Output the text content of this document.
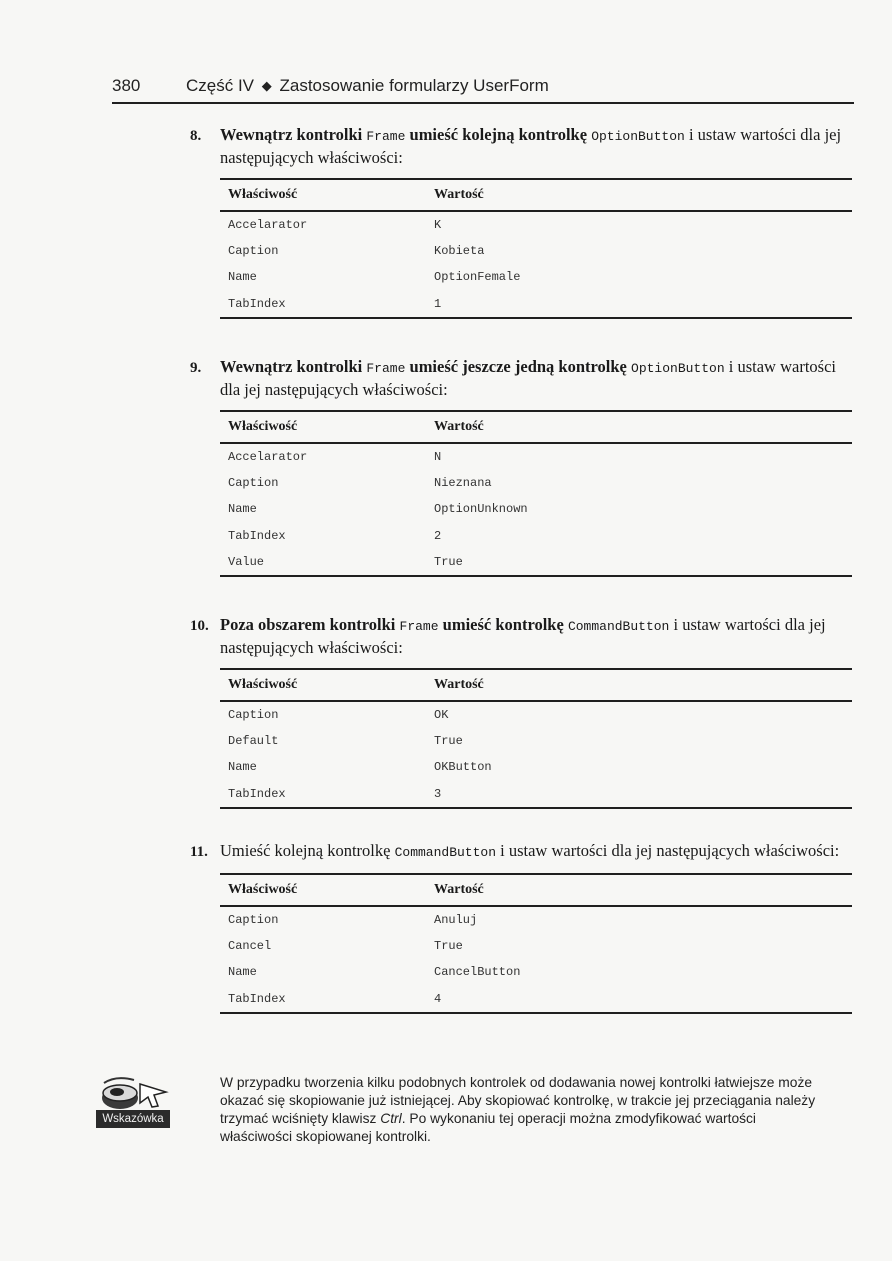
380	Część IV ◆ Zastosowanie formularzy UserForm

8. Wewnątrz kontrolki Frame umieść kolejną kontrolkę OptionButton i ustaw wartości dla jej następujących właściwości:

Właściwość	Wartość
Accelarator	K
Caption	Kobieta
Name	OptionFemale
TabIndex	1

9. Wewnątrz kontrolki Frame umieść jeszcze jedną kontrolkę OptionButton i ustaw wartości dla jej następujących właściwości:

Właściwość	Wartość
Accelarator	N
Caption	Nieznana
Name	OptionUnknown
TabIndex	2
Value	True

10. Poza obszarem kontrolki Frame umieść kontrolkę CommandButton i ustaw wartości dla jej następujących właściwości:

Właściwość	Wartość
Caption	OK
Default	True
Name	OKButton
TabIndex	3

11. Umieść kolejną kontrolkę CommandButton i ustaw wartości dla jej następujących właściwości:

Właściwość	Wartość
Caption	Anuluj
Cancel	True
Name	CancelButton
TabIndex	4
Wskazówka
W przypadku tworzenia kilku podobnych kontrolek od dodawania nowej kontrolki łatwiejsze może okazać się skopiowanie już istniejącej. Aby skopiować kontrolkę, w trakcie jej przeciągania należy trzymać wciśnięty klawisz Ctrl. Po wykonaniu tej operacji można zmodyfikować wartości właściwości skopiowanej kontrolki.
